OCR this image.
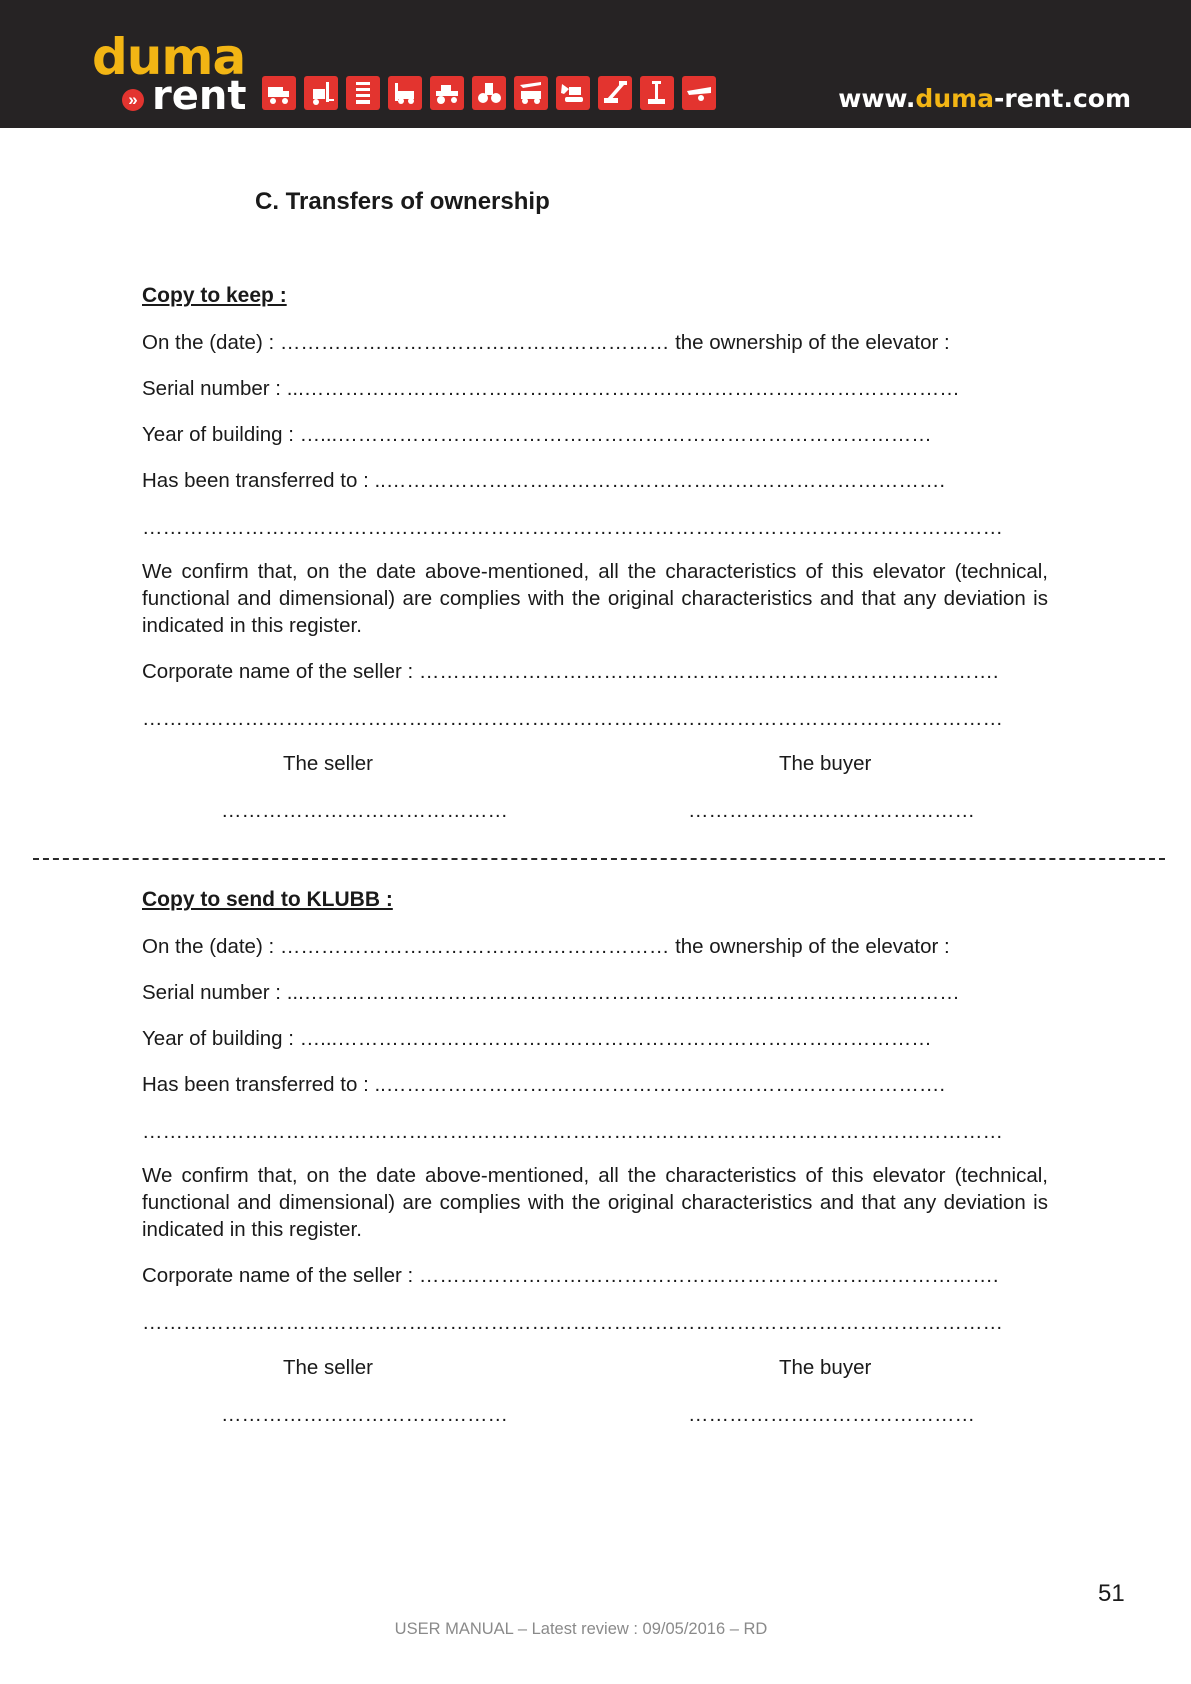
duma
» rent	www.duma-rent.com
C. Transfers of ownership
Copy to keep :
On the (date) : ………………………………………………… the ownership of the elevator :
Serial number : ...……………………………………………………………………………………
Year of building : …...……………………………………………………………………………
Has been transferred to : ..……………………………………………………………………….
………………………………………………………………………………………………………………
We confirm that, on the date above-mentioned, all the characteristics of this elevator (technical, functional and dimensional) are complies with the original characteristics and that any deviation is indicated in this register.
Corporate name of the seller : ………………………………………………………………………….
………………………………………………………………………………………………………………
The seller	The buyer
……………………………………	……………………………………
Copy to send to KLUBB :
On the (date) : ………………………………………………… the ownership of the elevator :
Serial number : ...……………………………………………………………………………………
Year of building : …...……………………………………………………………………………
Has been transferred to : ..……………………………………………………………………….
………………………………………………………………………………………………………………
We confirm that, on the date above-mentioned, all the characteristics of this elevator (technical, functional and dimensional) are complies with the original characteristics and that any deviation is indicated in this register.
Corporate name of the seller : ………………………………………………………………………….
………………………………………………………………………………………………………………
The seller	The buyer
……………………………………	……………………………………
51
USER MANUAL – Latest review : 09/05/2016 – RD
